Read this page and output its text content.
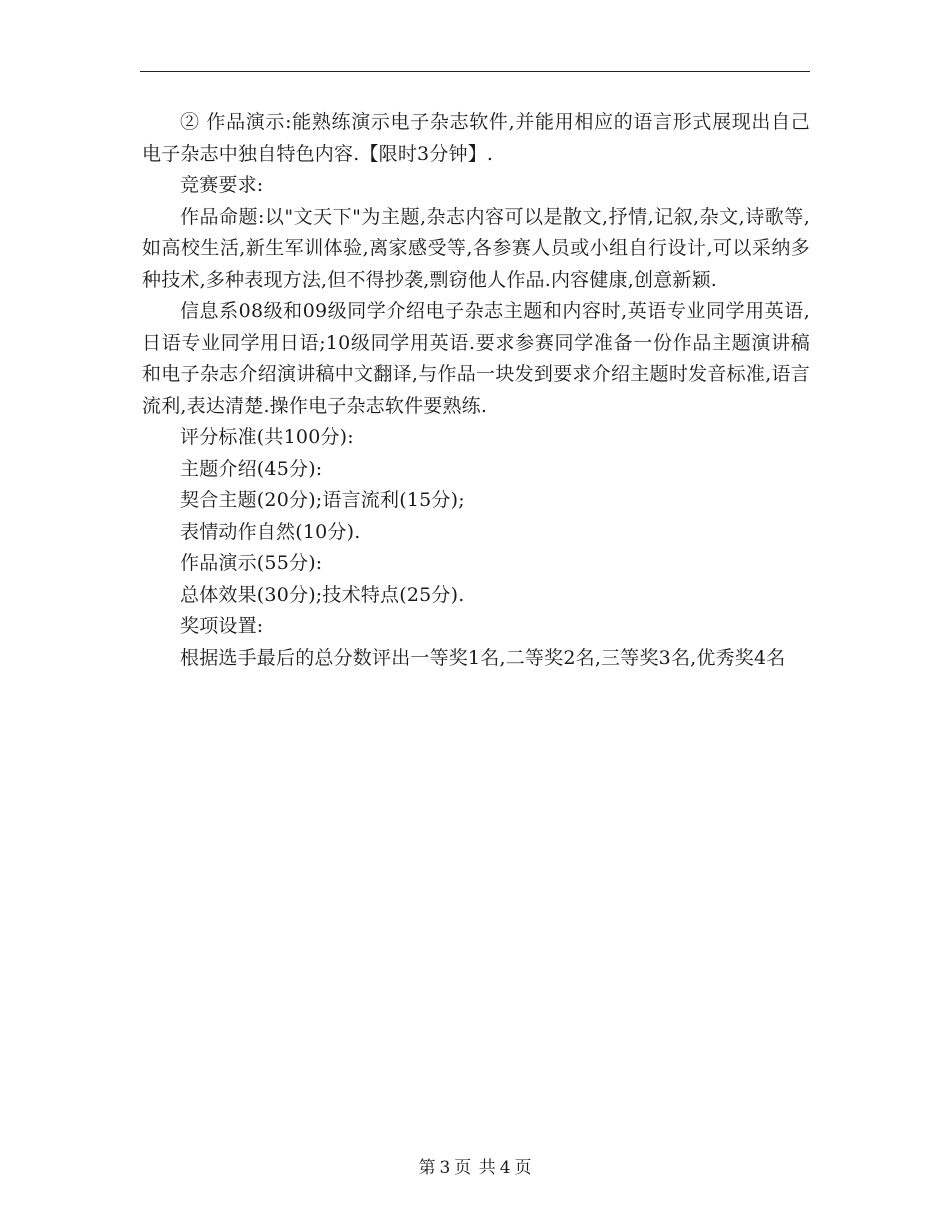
② 作品演示:能熟练演示电子杂志软件,并能用相应的语言形式展现出自己电子杂志中独自特色内容.【限时3分钟】.

竞赛要求:

作品命题:以"文天下"为主题,杂志内容可以是散文,抒情,记叙,杂文,诗歌等,如高校生活,新生军训体验,离家感受等,各参赛人员或小组自行设计,可以采纳多种技术,多种表现方法,但不得抄袭,剽窃他人作品.内容健康,创意新颖.

信息系08级和09级同学介绍电子杂志主题和内容时,英语专业同学用英语,日语专业同学用日语;10级同学用英语.要求参赛同学准备一份作品主题演讲稿和电子杂志介绍演讲稿中文翻译,与作品一块发到要求介绍主题时发音标准,语言流利,表达清楚.操作电子杂志软件要熟练.

评分标准(共100分):

主题介绍(45分):

契合主题(20分);语言流利(15分);

表情动作自然(10分).

作品演示(55分):

总体效果(30分);技术特点(25分).

奖项设置:

根据选手最后的总分数评出一等奖1名,二等奖2名,三等奖3名,优秀奖4名

第 3 页 共 4 页
